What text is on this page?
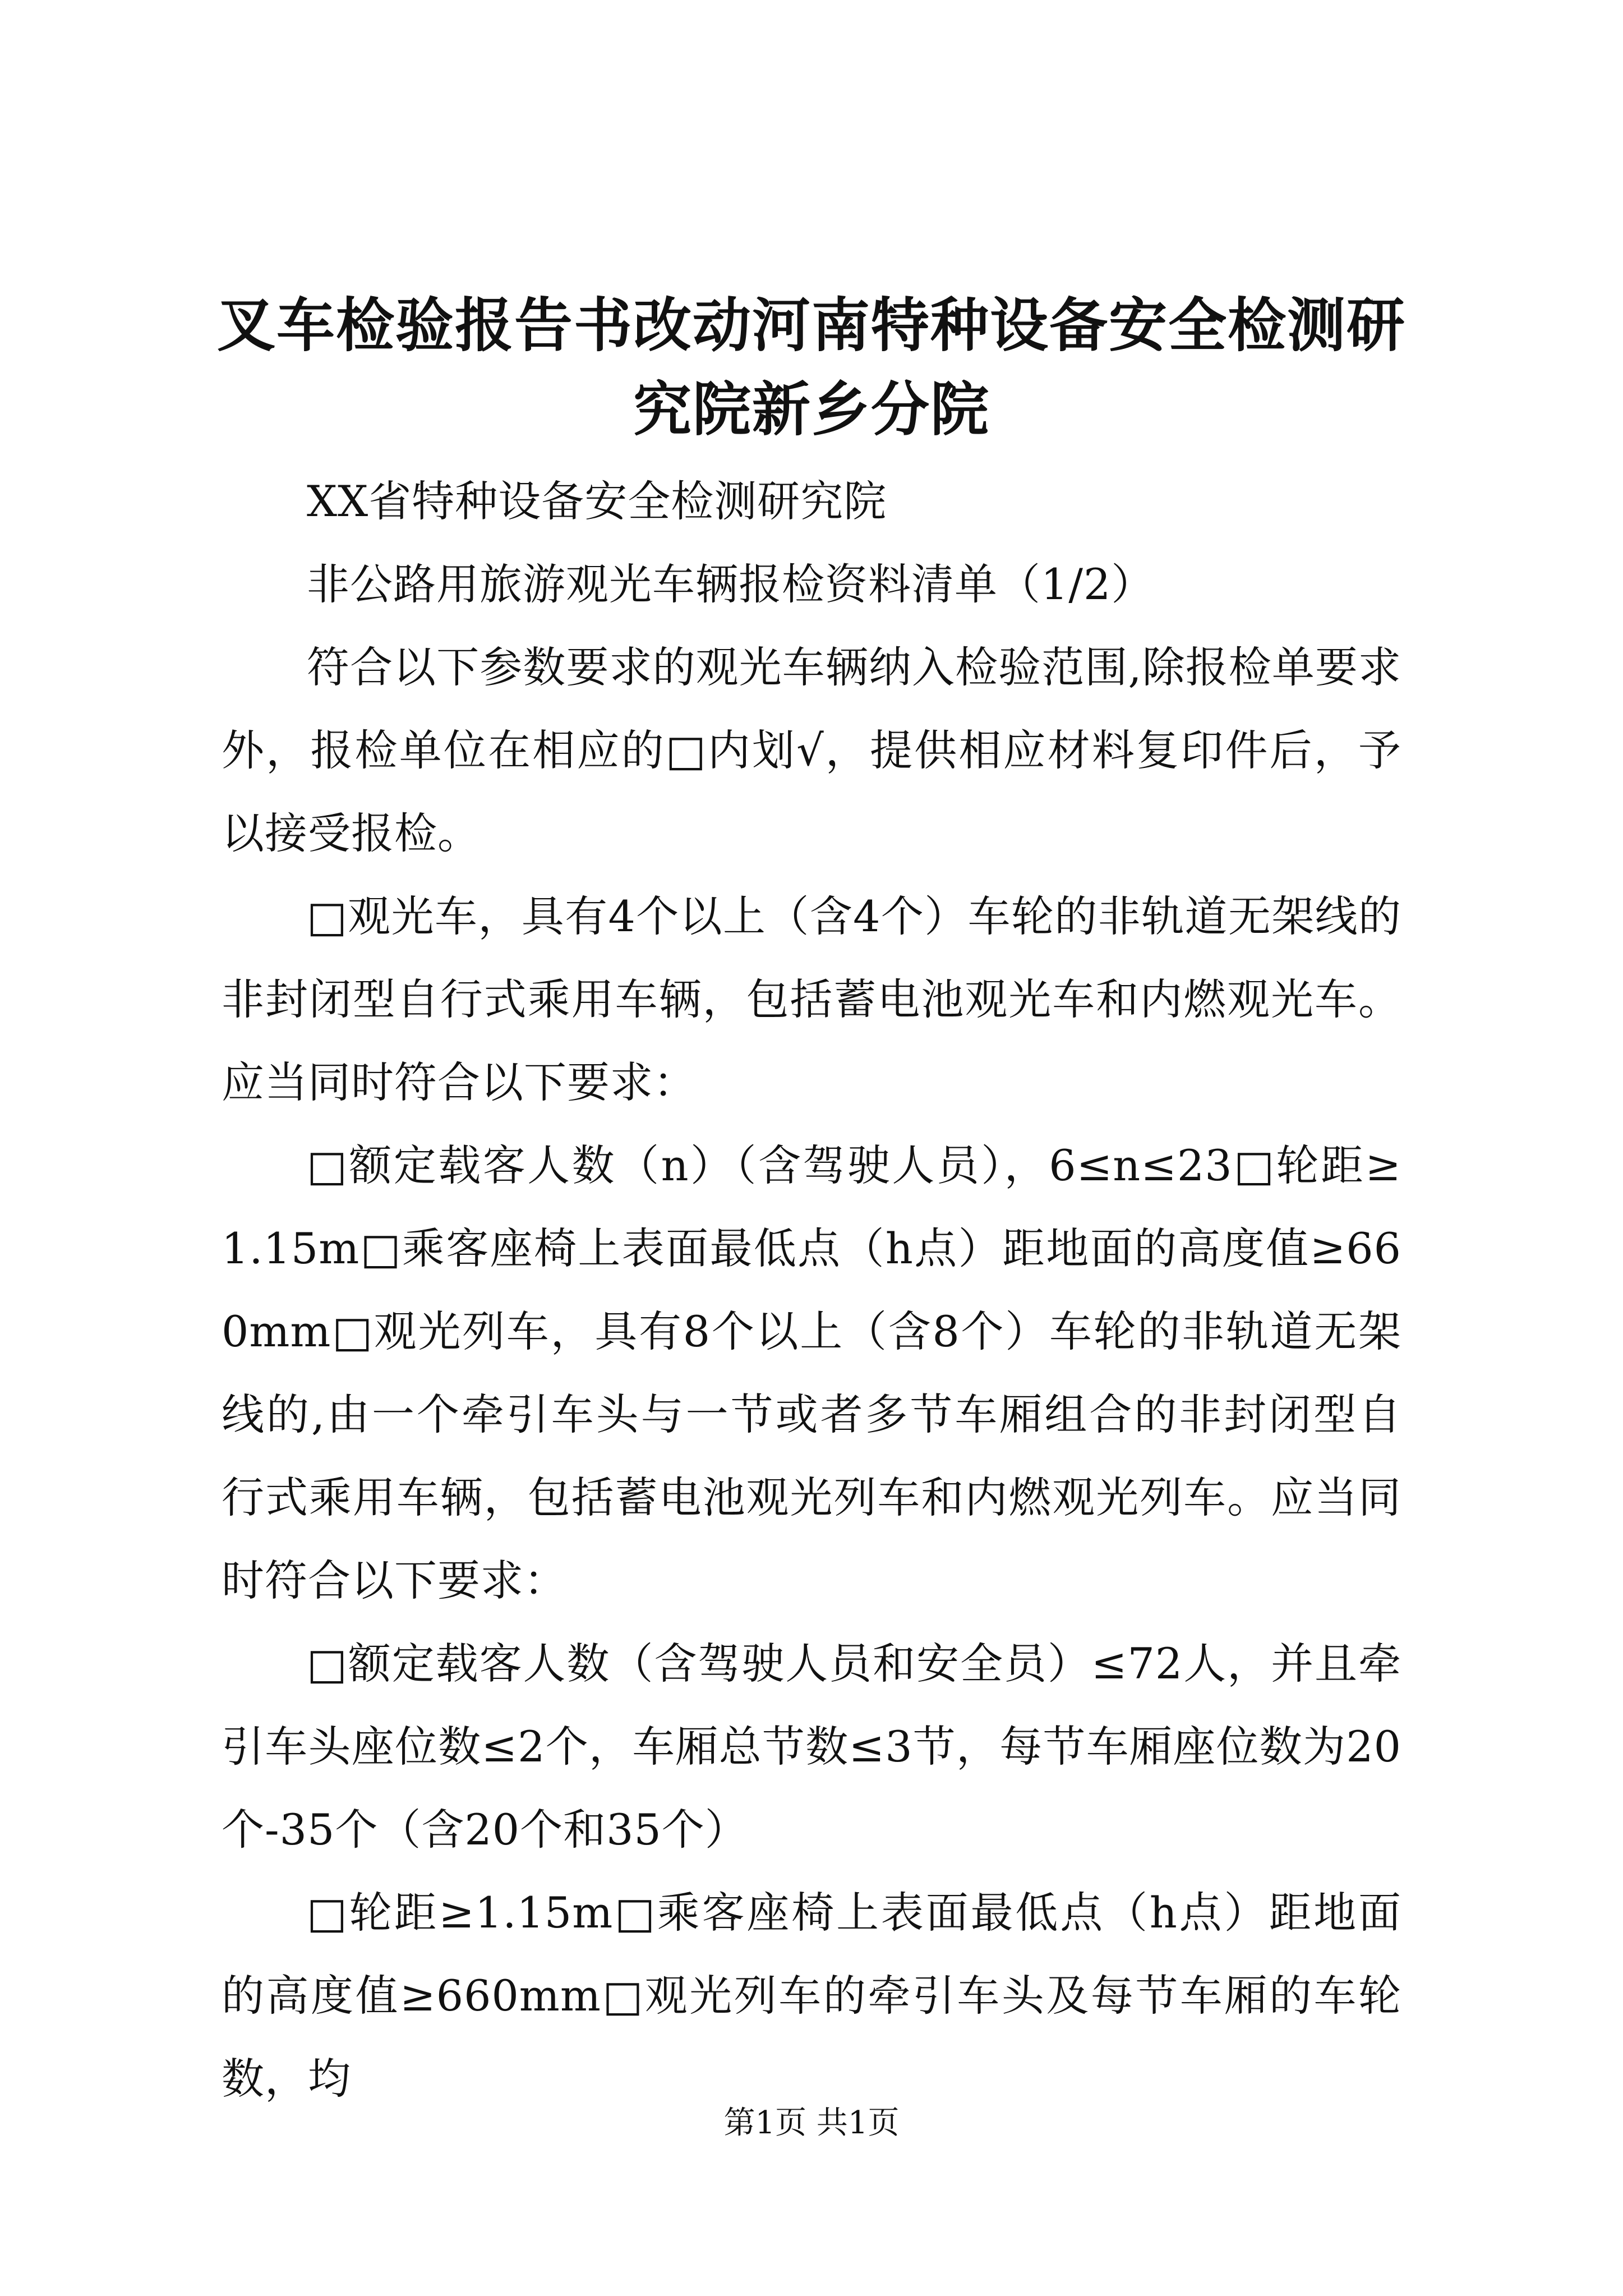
叉车检验报告书改动河南特种设备安全检测研究院新乡分院

XX省特种设备安全检测研究院

非公路用旅游观光车辆报检资料清单（1/2）

符合以下参数要求的观光车辆纳入检验范围,除报检单要求外，报检单位在相应的□内划√，提供相应材料复印件后，予以接受报检。

□观光车，具有4个以上（含4个）车轮的非轨道无架线的非封闭型自行式乘用车辆，包括蓄电池观光车和内燃观光车。应当同时符合以下要求：

□额定载客人数（n）（含驾驶人员），6≤n≤23□轮距≥1.15m□乘客座椅上表面最低点（h点）距地面的高度值≥660mm□观光列车，具有8个以上（含8个）车轮的非轨道无架线的,由一个牵引车头与一节或者多节车厢组合的非封闭型自行式乘用车辆，包括蓄电池观光列车和内燃观光列车。应当同时符合以下要求：

□额定载客人数（含驾驶人员和安全员）≤72人，并且牵引车头座位数≤2个，车厢总节数≤3节，每节车厢座位数为20个-35个（含20个和35个）

□轮距≥1.15m□乘客座椅上表面最低点（h点）距地面的高度值≥660mm□观光列车的牵引车头及每节车厢的车轮数，均

第1页 共1页
